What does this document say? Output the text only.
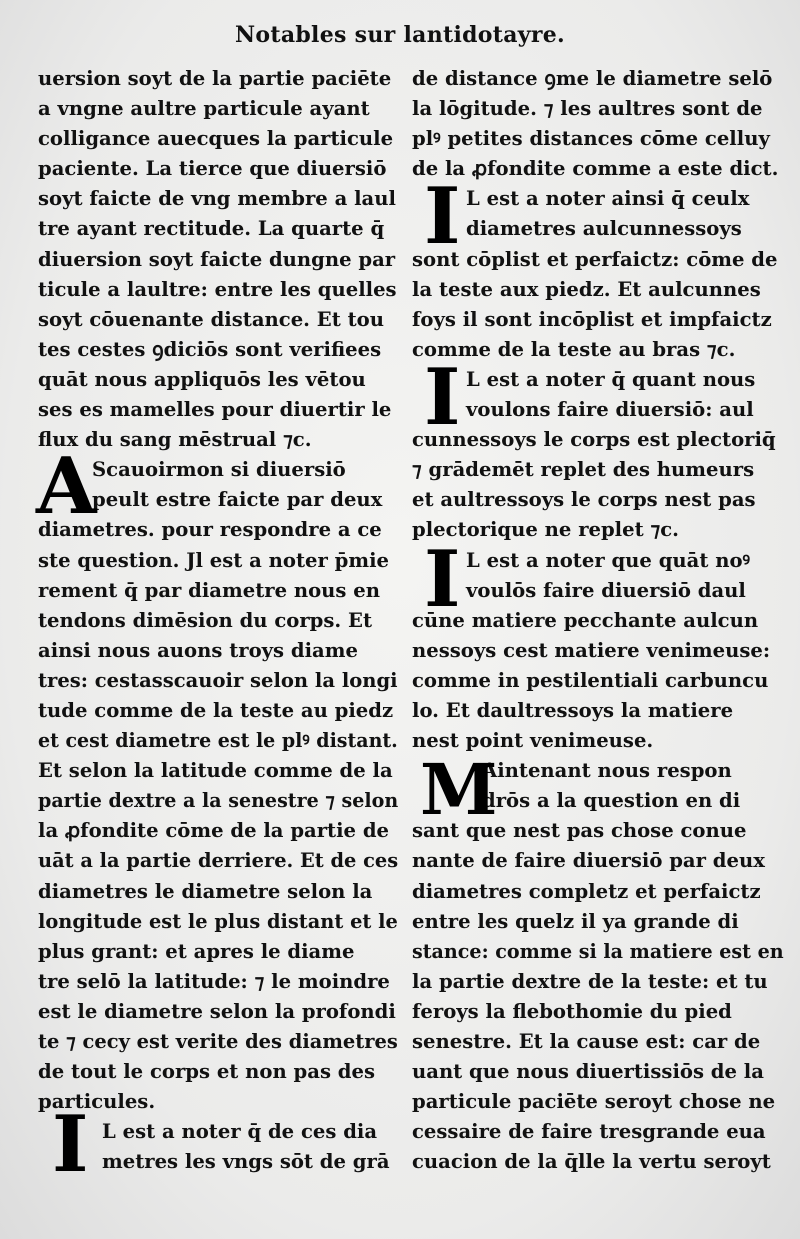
Notables sur lantidotayre.
uersion soyt de la partie paciēte
a vngne aultre particule ayant
colligance auecques la particule
paciente. La tierce que diuersiō
soyt faicte de vng membre a laul
tre ayant rectitude. La quarte q̄
diuersion soyt faicte dungne par
ticule a laultre: entre les quelles
soyt cōuenante distance. Et tou
tes cestes ꝯdiciōs sont verifiees
quāt nous appliquōs les vētou
ses es mamelles pour diuertir le
flux du sang mēstrual ⁊c.
Scauoirmon si diuersiō
peult estre faicte par deux
diametres. pour respondre a ce
ste question. Jl est a noter p̄mie
rement q̄ par diametre nous en
tendons dimēsion du corps. Et
ainsi nous auons troys diame
tres: cestasscauoir selon la longi
tude comme de la teste au piedz
et cest diametre est le plꝰ distant.
Et selon la latitude comme de la
partie dextre a la senestre ⁊ selon
la ꝓfondite cōme de la partie de
uāt a la partie derriere. Et de ces
diametres le diametre selon la
longitude est le plus distant et le
plus grant: et apres le diame
tre selō la latitude: ⁊ le moindre
est le diametre selon la profondi
te ⁊ cecy est verite des diametres
de tout le corps et non pas des
particules.
L est a noter q̄ de ces dia
metres les vngs sōt de grā
A
I
de distance ꝯme le diametre selō
la lōgitude. ⁊ les aultres sont de
plꝰ petites distances cōme celluy
de la ꝓfondite comme a este dict.
L est a noter ainsi q̄ ceulx
diametres aulcunnessoys
sont cōplist et perfaictz: cōme de
la teste aux piedz. Et aulcunnes
foys il sont incōplist et impfaictz
comme de la teste au bras ⁊c.
L est a noter q̄ quant nous
voulons faire diuersiō: aul
cunnessoys le corps est plectoriq̄
⁊ grādemēt replet des humeurs
et aultressoys le corps nest pas
plectorique ne replet ⁊c.
L est a noter que quāt noꝰ
voulōs faire diuersiō daul
cūne matiere pecchante aulcun
nessoys cest matiere venimeuse:
comme in pestilentiali carbuncu
lo. Et daultressoys la matiere
nest point venimeuse.
Aintenant nous respon
drōs a la question en di
sant que nest pas chose conue
nante de faire diuersiō par deux
diametres completz et perfaictz
entre les quelz il ya grande di
stance: comme si la matiere est en
la partie dextre de la teste: et tu
feroys la flebothomie du pied
senestre. Et la cause est: car de
uant que nous diuertissiōs de la
particule paciēte seroyt chose ne
cessaire de faire tresgrande eua
cuacion de la q̄lle la vertu seroyt
I
I
I
M
